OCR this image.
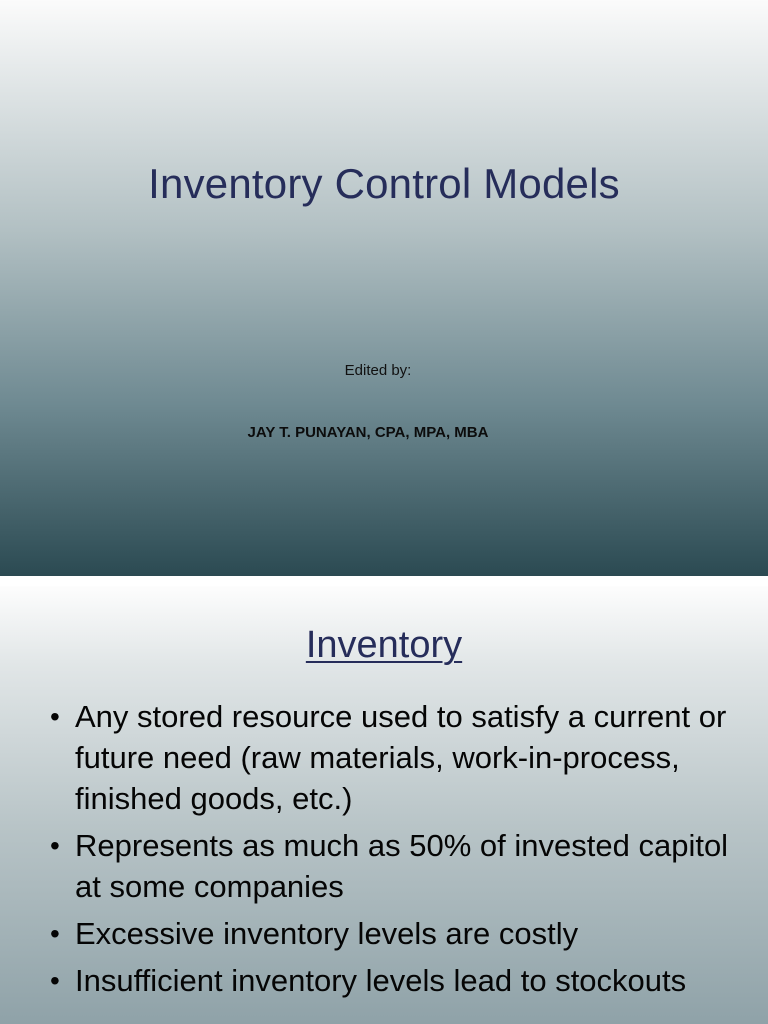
Inventory Control Models
Edited by:
JAY T. PUNAYAN, CPA, MPA, MBA
Inventory
• Any stored resource used to satisfy a current or future need (raw materials, work-in-process, finished goods, etc.)
• Represents as much as 50% of invested capitol at some companies
• Excessive inventory levels are costly
• Insufficient inventory levels lead to stockouts
